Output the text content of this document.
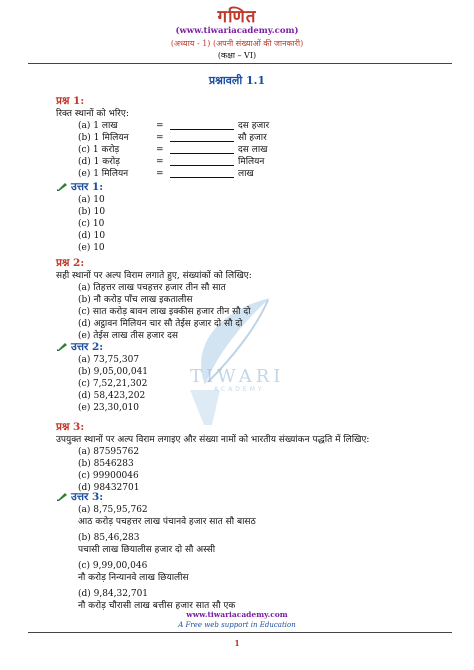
गणित
(www.tiwariacademy.com)
(अध्याय - 1) (अपनी संख्याओं की जानकारी)
(कक्षा – VI)
प्रश्नावली 1.1
TIWARI
ACADEMY
प्रश्न 1:
रिक्त स्थानों को भरिए:
(a) 1 लाख	=	दस हजार
(b) 1 मिलियन	=	सौ हजार
(c) 1 करोड़	=	दस लाख
(d) 1 करोड़	=	मिलियन
(e) 1 मिलियन	=	लाख
उत्तर 1:
(a) 10
(b) 10
(c) 10
(d) 10
(e) 10
प्रश्न 2:
सही स्थानों पर अल्प विराम लगाते हुए, संख्यांकों को लिखिए:
(a) तिहत्तर लाख पचहत्तर हजार तीन सौ सात
(b) नौ करोड़ पाँच लाख इकतालीस
(c) सात करोड़ बावन लाख इक्कीस हजार तीन सौ दो
(d) अट्ठावन मिलियन चार सौ तेईस हजार दो सौ दो
(e) तेईस लाख तीस हजार दस
उत्तर 2:
(a) 73,75,307
(b) 9,05,00,041
(c) 7,52,21,302
(d) 58,423,202
(e) 23,30,010
प्रश्न 3:
उपयुक्त स्थानों पर अल्प विराम लगाइए और संख्या नामों को भारतीय संख्यांकन पद्धति में लिखिए:
(a) 87595762
(b) 8546283
(c) 99900046
(d) 98432701
उत्तर 3:
(a) 8,75,95,762
आठ करोड़ पचहत्तर लाख पंचानवे हजार सात सौ बासठ
(b) 85,46,283
पचासी लाख छियालीस हजार दो सौ अस्सी
(c) 9,99,00,046
नौ करोड़ निन्यानवे लाख छियालीस
(d) 9,84,32,701
नौ करोड़ चौरासी लाख बत्तीस हजार सात सौ एक
www.tiwariacademy.com
A Free web support in Education
1
